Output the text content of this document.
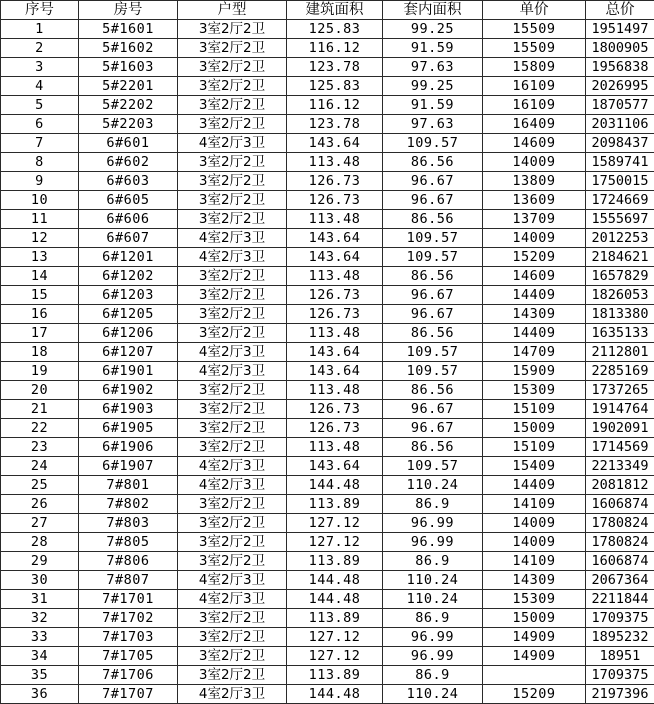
序号	房号	户型	建筑面积	套内面积	单价	总价
1	5#1601	3室2厅2卫	125.83	99.25	15509	1951497
2	5#1602	3室2厅2卫	116.12	91.59	15509	1800905
3	5#1603	3室2厅2卫	123.78	97.63	15809	1956838
4	5#2201	3室2厅2卫	125.83	99.25	16109	2026995
5	5#2202	3室2厅2卫	116.12	91.59	16109	1870577
6	5#2203	3室2厅2卫	123.78	97.63	16409	2031106
7	6#601	4室2厅3卫	143.64	109.57	14609	2098437
8	6#602	3室2厅2卫	113.48	86.56	14009	1589741
9	6#603	3室2厅2卫	126.73	96.67	13809	1750015
10	6#605	3室2厅2卫	126.73	96.67	13609	1724669
11	6#606	3室2厅2卫	113.48	86.56	13709	1555697
12	6#607	4室2厅3卫	143.64	109.57	14009	2012253
13	6#1201	4室2厅3卫	143.64	109.57	15209	2184621
14	6#1202	3室2厅2卫	113.48	86.56	14609	1657829
15	6#1203	3室2厅2卫	126.73	96.67	14409	1826053
16	6#1205	3室2厅2卫	126.73	96.67	14309	1813380
17	6#1206	3室2厅2卫	113.48	86.56	14409	1635133
18	6#1207	4室2厅3卫	143.64	109.57	14709	2112801
19	6#1901	4室2厅3卫	143.64	109.57	15909	2285169
20	6#1902	3室2厅2卫	113.48	86.56	15309	1737265
21	6#1903	3室2厅2卫	126.73	96.67	15109	1914764
22	6#1905	3室2厅2卫	126.73	96.67	15009	1902091
23	6#1906	3室2厅2卫	113.48	86.56	15109	1714569
24	6#1907	4室2厅3卫	143.64	109.57	15409	2213349
25	7#801	4室2厅3卫	144.48	110.24	14409	2081812
26	7#802	3室2厅2卫	113.89	86.9	14109	1606874
27	7#803	3室2厅2卫	127.12	96.99	14009	1780824
28	7#805	3室2厅2卫	127.12	96.99	14009	1780824
29	7#806	3室2厅2卫	113.89	86.9	14109	1606874
30	7#807	4室2厅3卫	144.48	110.24	14309	2067364
31	7#1701	4室2厅3卫	144.48	110.24	15309	2211844
32	7#1702	3室2厅2卫	113.89	86.9	15009	1709375
33	7#1703	3室2厅2卫	127.12	96.99	14909	1895232
34	7#1705	3室2厅2卫	127.12	96.99	14909	18951
35	7#1706	3室2厅2卫	113.89	86.9		1709375
36	7#1707	4室2厅3卫	144.48	110.24	15209	2197396
